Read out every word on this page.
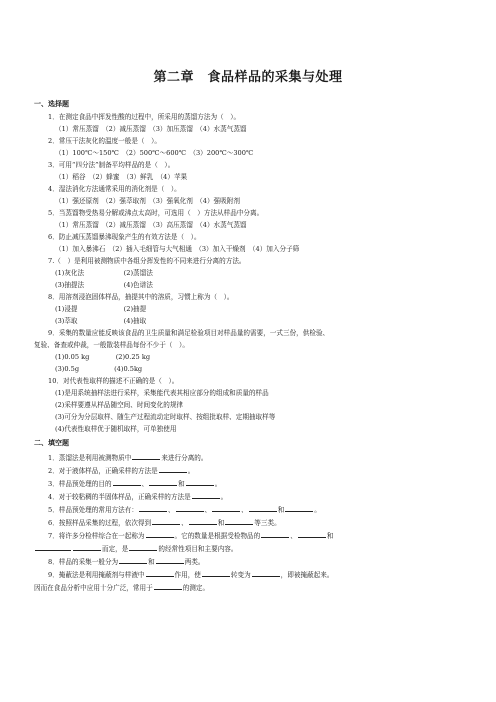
第二章　食品样品的采集与处理
一、选择题
1．在测定食品中挥发性酸的过程中，所采用的蒸馏方法为（　）。
（1）常压蒸馏　（2）减压蒸馏　（3）加压蒸馏　（4）水蒸气蒸馏
2．常压干法灰化的温度一般是（　）。
（1）100℃～150℃　（2）500℃～600℃　（3）200℃～300℃
3．可用“四分法”制备平均样品的是（　）。
（1）稻谷　（2）蜂蜜　（3）鲜乳　（4）苹果
4．湿法消化方法通常采用的消化剂是（　）。
（1）强还原剂　（2）强萃取剂　（3）强氧化剂　（4）强吸附剂
5．当蒸馏物受热易分解或沸点太高时，可选用（　）方法从样品中分离。
（1）常压蒸馏　（2）减压蒸馏　（3）高压蒸馏　（4）水蒸气蒸馏
6．防止减压蒸馏暴沸现象产生的有效方法是（　）。
（1）加入暴沸石　（2）插入毛细管与大气相通　（3）加入干燥剂　（4）加入分子筛
7.（　）是利用被测物质中各组分挥发性的不同来进行分离的方法。
(1)灰化法　　　　　　(2)蒸馏法
(3)抽提法　　　　　　(4)色谱法
8．用溶剂浸泡固体样品，抽提其中的溶质，习惯上称为（　）。
(1)浸提　　　　　　　(2)抽提
(3)萃取　　　　　　　(4)抽取
9．采集的数量应能反映该食品的卫生质量和满足检验项目对样品量的需要，一式三份，供检验、
复验、备查或仲裁，一般散装样品每份不少于（　）。
(1)0.05 kg　　　　(2)0.25 kg
(3)0.5g　　　　　 (4)0.5kg
10．对代表性取样的描述不正确的是（　）。
(1)是用系统抽样法进行采样，采集能代表其相应部分的组成和质量的样品
(2)采样要遵从样品随空间、时间变化的规律
(3)可分为分层取样、随生产过程流动定时取样、按组批取样、定期抽取样等
(4)代表性取样优于随机取样，可单独使用
二、填空题
1．蒸馏法是利用被测物质中	来进行分离的。
2．对于液体样品，正确采样的方法是	。
3．样品预处理的目的	、	和	。
4．对于较粘稠的半固体样品，正确采样的方法是	。
5．样品预处理的常用方法有：	、	、	、	和	。
6．按照样品采集的过程，依次得到	、	和	等三类。
7．将许多分检样综合在一起称为	。它的数量是根据受检物品的	、	和
而定，是	的经常性项目和主要内容。
8．样品的采集一般分为	和	两类。
9．掩蔽法是利用掩蔽剂与样液中	作用，使	转变为	，即被掩蔽起来。
因而在食品分析中应用十分广泛，常用于	的测定。
